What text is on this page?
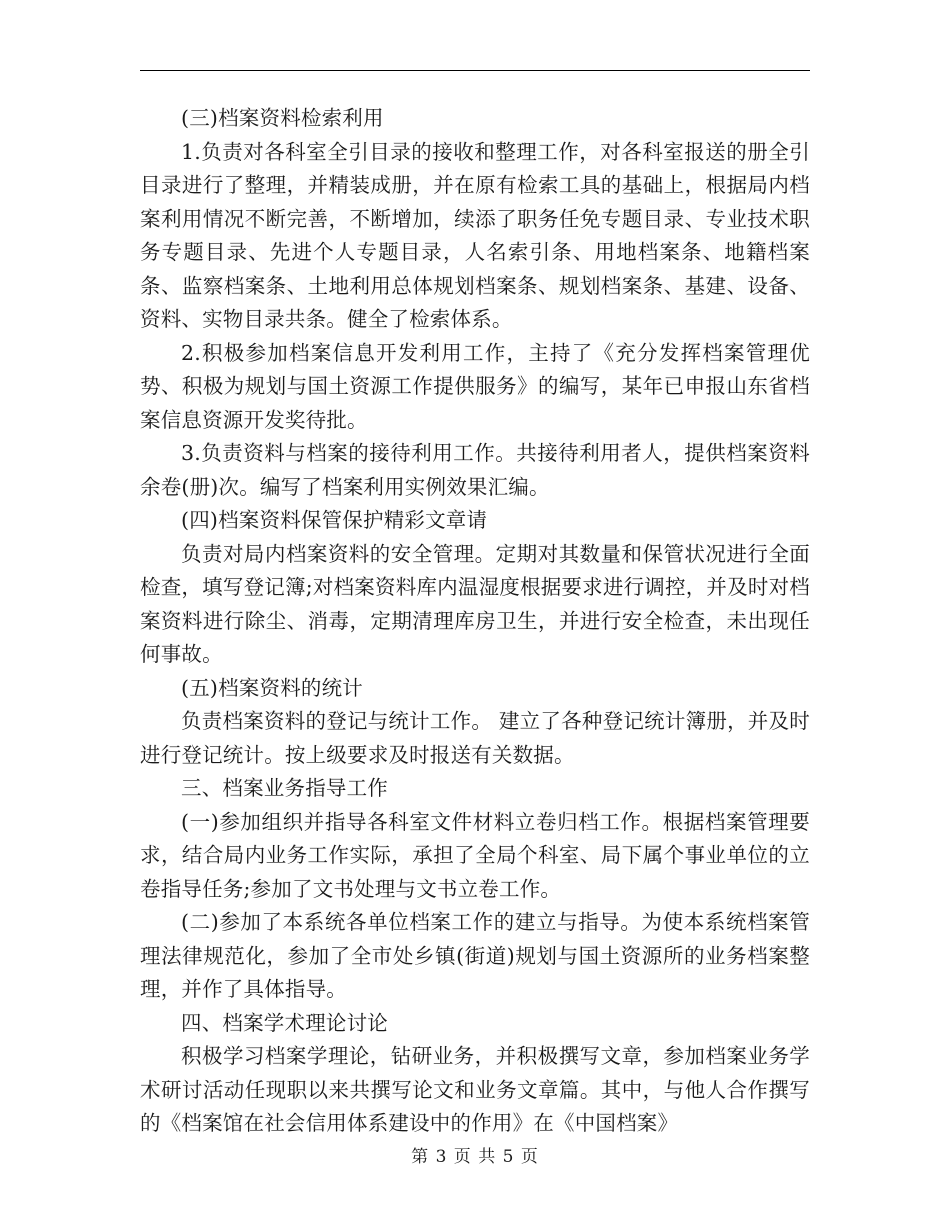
(三)档案资料检索利用

1.负责对各科室全引目录的接收和整理工作，对各科室报送的册全引目录进行了整理，并精装成册，并在原有检索工具的基础上，根据局内档案利用情况不断完善，不断增加，续添了职务任免专题目录、专业技术职务专题目录、先进个人专题目录，人名索引条、用地档案条、地籍档案条、监察档案条、土地利用总体规划档案条、规划档案条、基建、设备、资料、实物目录共条。健全了检索体系。

2.积极参加档案信息开发利用工作，主持了《充分发挥档案管理优势、积极为规划与国土资源工作提供服务》的编写，某年已申报山东省档案信息资源开发奖待批。

3.负责资料与档案的接待利用工作。共接待利用者人，提供档案资料余卷(册)次。编写了档案利用实例效果汇编。

(四)档案资料保管保护精彩文章请

负责对局内档案资料的安全管理。定期对其数量和保管状况进行全面检查，填写登记簿;对档案资料库内温湿度根据要求进行调控，并及时对档案资料进行除尘、消毒，定期清理库房卫生，并进行安全检查，未出现任何事故。

(五)档案资料的统计

负责档案资料的登记与统计工作。 建立了各种登记统计簿册，并及时进行登记统计。按上级要求及时报送有关数据。

三、档案业务指导工作

(一)参加组织并指导各科室文件材料立卷归档工作。根据档案管理要求，结合局内业务工作实际，承担了全局个科室、局下属个事业单位的立卷指导任务;参加了文书处理与文书立卷工作。

(二)参加了本系统各单位档案工作的建立与指导。为使本系统档案管理法律规范化，参加了全市处乡镇(街道)规划与国土资源所的业务档案整理，并作了具体指导。

四、档案学术理论讨论

积极学习档案学理论，钻研业务，并积极撰写文章，参加档案业务学术研讨活动任现职以来共撰写论文和业务文章篇。其中，与他人合作撰写的《档案馆在社会信用体系建设中的作用》在《中国档案》

第 3 页 共 5 页
